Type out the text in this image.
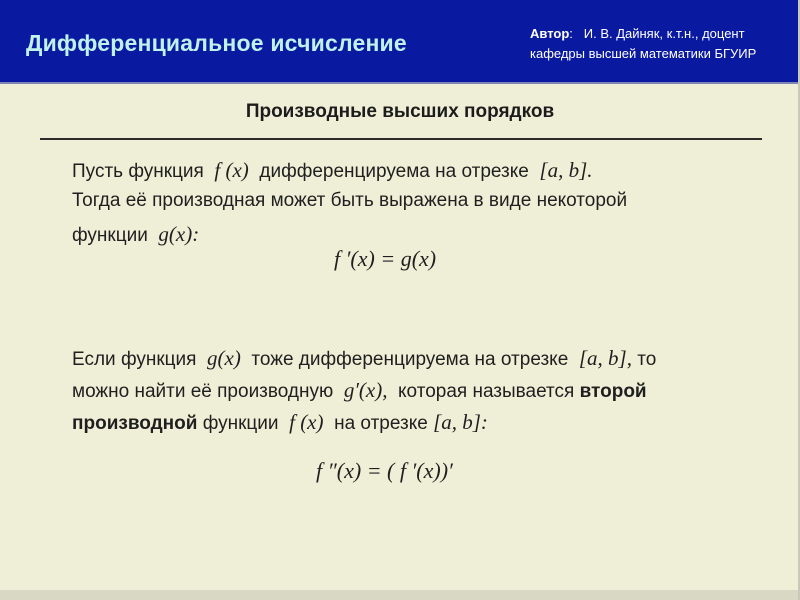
Дифференциальное исчисление	Автор:   И. В. Дайняк, к.т.н., доцент
кафедры высшей математики БГУИР
Производные высших порядков
Пусть функция f (x) дифференцируема на отрезке [a, b].
Тогда её производная может быть выражена в виде некоторой
функции g(x):
f ′(x) = g(x)
Если функция g(x) тоже дифференцируема на отрезке [a, b], то
можно найти её производную g′(x), которая называется второй
производной функции f (x) на отрезке [a, b]:
f ″(x) = ( f ′(x))′
